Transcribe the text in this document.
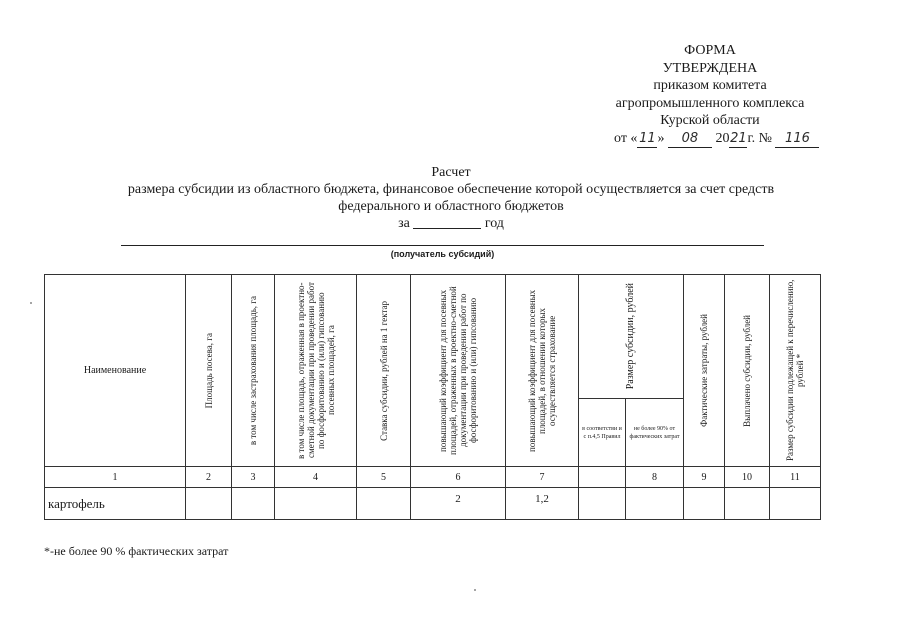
ФОРМА
УТВЕРЖДЕНА
приказом комитета
агропромышленного комплекса
Курской области
от « 11 » 08 2021г. № 116
Расчет
размера субсидии из областного бюджета, финансовое обеспечение которой осуществляется за счет средств
федерального и областного бюджетов
за	год
(получатель субсидий)
Наименование	Площадь посева, га	в том числе застрахования площадь, га	в том числе площадь, отраженная в проектно-сметной документации при проведении работ по фосфоритованию и (или) гипсованию посевных площадей, га	Ставка субсидии, рублей на 1 гектар	повышающий коэффициент для посевных площадей, отраженных в проектно-сметной документации при проведении работ по фосфоритованию и (или) гипсованию	повышающий коэффициент для посевных площадей, в отношении которых осуществляется страхование	Размер субсидии, рублей		Фактические затраты, рублей	Выплачено субсидии, рублей	Размер субсидии подлежащей к перечислению, рублей *

							в соответстви и с п.4,5 Правил	не более 90% от фактических затрат			
1	2	3	4	5	6	7		8	9	10	11
картофель					2	1,2					
*-не более 90 % фактических затрат
